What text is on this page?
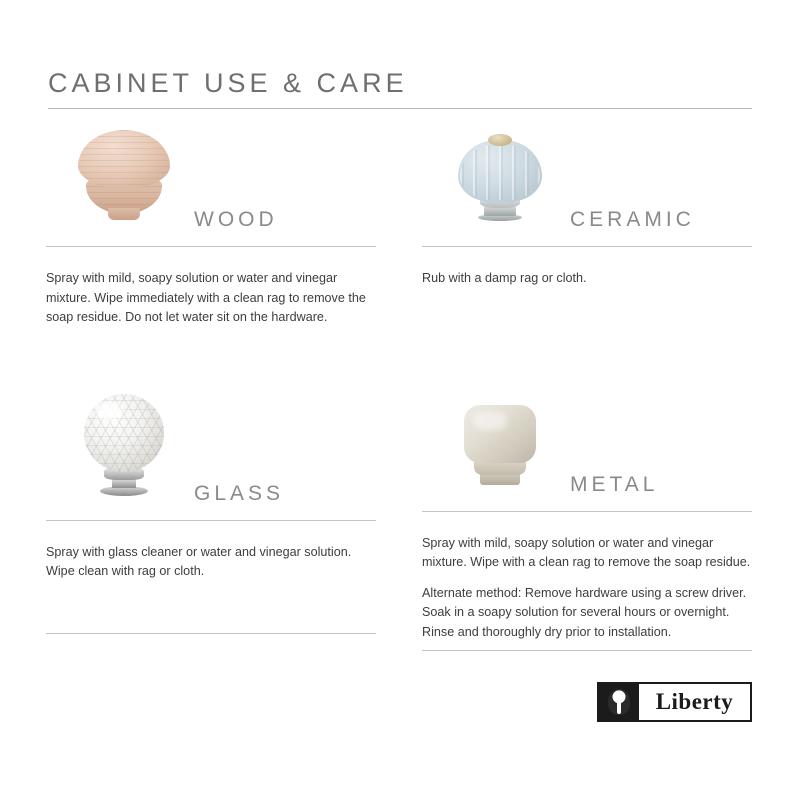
CABINET USE & CARE
WOOD

Spray with mild, soapy solution or water and vinegar mixture. Wipe immediately with a clean rag to remove the soap residue. Do not let water sit on the hardware.

GLASS

Spray with glass cleaner or water and vinegar solution. Wipe clean with rag or cloth.

CERAMIC

Rub with a damp rag or cloth.

METAL

Spray with mild, soapy solution or water and vinegar mixture. Wipe with a clean rag to remove the soap residue.

Alternate method: Remove hardware using a screw driver. Soak in a soapy solution for several hours or overnight. Rinse and thoroughly dry prior to installation.

Liberty
